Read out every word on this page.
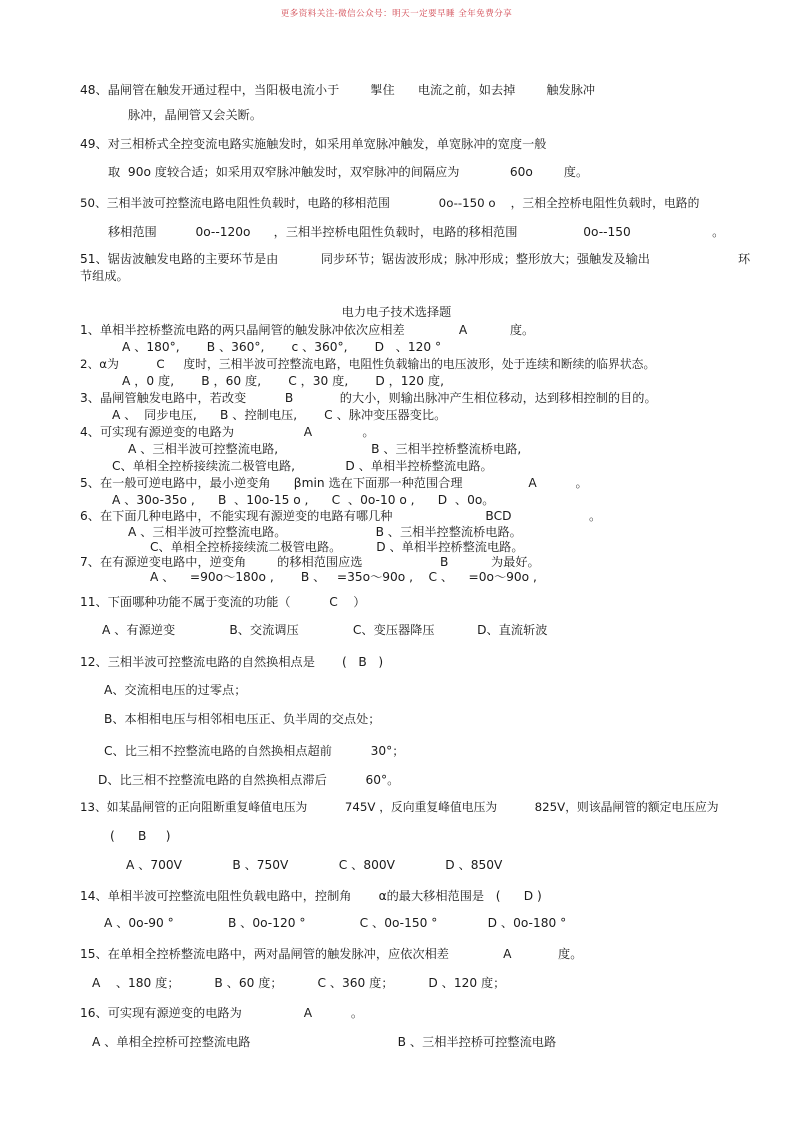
更多资料关注-微信公众号：明天一定要早睡 全年免费分享
48、晶闸管在触发开通过程中，当阳极电流小于        掣住      电流之前，如去掉        触发脉冲
脉冲，晶闸管又会关断。
49、对三相桥式全控变流电路实施触发时，如采用单宽脉冲触发，单宽脉冲的宽度一般
取  90o 度较合适；如采用双窄脉冲触发时，双窄脉冲的间隔应为             60o        度。
50、三相半波可控整流电路电阻性负载时，电路的移相范围             0o--150 o    ，三相全控桥电阻性负载时，电路的
移相范围          0o--120o      ，三相半控桥电阻性负载时，电路的移相范围                 0o--150                     。
51、锯齿波触发电路的主要环节是由           同步环节；锯齿波形成；脉冲形成；整形放大；强触发及输出	环
节组成。
电力电子技术选择题
1、单相半控桥整流电路的两只晶闸管的触发脉冲依次应相差              A           度。
A 、180°,       B 、360°,       c 、360°,       D   、120 °
2、α为          C     度时，三相半波可控整流电路，电阻性负载输出的电压波形，处于连续和断续的临界状态。
A ，0 度,       B ，60 度,       C ，30 度,       D ，120 度,
3、晶闸管触发电路中，若改变          B            的大小，则输出脉冲产生相位移动，达到移相控制的目的。
A 、  同步电压,      B 、控制电压,       C 、脉冲变压器变比。
4、可实现有源逆变的电路为                  A             。
A 、三相半波可控整流电路,                        B 、三相半控桥整流桥电路,
C、单相全控桥接续流二极管电路,             D 、单相半控桥整流电路。
5、在一般可逆电路中，最小逆变角      βmin 选在下面那一种范围合理                 A          。
A 、30o-35o ,      B  、10o-15 o ,      C  、0o-10 o ,      D  、0o。
6、在下面几种电路中，不能实现有源逆变的电路有哪几种                        BCD                    。
A 、三相半波可控整流电路。                       B 、三相半控整流桥电路。
C、单相全控桥接续流二极管电路。         D 、单相半控桥整流电路。
7、在有源逆变电路中，逆变角        的移相范围应选                    B           为最好。
A 、    =90o～180o ,       B 、   =35o～90o ,    C 、    =0o～90o ,
11、下面哪种功能不属于变流的功能（          C    ）
A 、有源逆变              B、交流调压              C、变压器降压           D、直流斩波
12、三相半波可控整流电路的自然换相点是       (   B   )
A、交流相电压的过零点；
B、本相相电压与相邻相电压正、负半周的交点处；
C、比三相不控整流电路的自然换相点超前          30°；
D、比三相不控整流电路的自然换相点滞后          60°。
13、如某晶闸管的正向阻断重复峰值电压为          745V ，反向重复峰值电压为          825V，则该晶闸管的额定电压应为
(      B     )
A 、700V             B 、750V             C 、800V             D 、850V
14、单相半波可控整流电阻性负载电路中，控制角       α的最大移相范围是   (      D )
A 、0o-90 °              B 、0o-120 °              C 、0o-150 °             D 、0o-180 °
15、在单相全控桥整流电路中，两对晶闸管的触发脉冲，应依次相差              A            度。
A    、180 度；         B 、60 度；         C 、360 度；         D 、120 度；
16、可实现有源逆变的电路为                A          。
A 、单相全控桥可控整流电路                                      B 、三相半控桥可控整流电路
